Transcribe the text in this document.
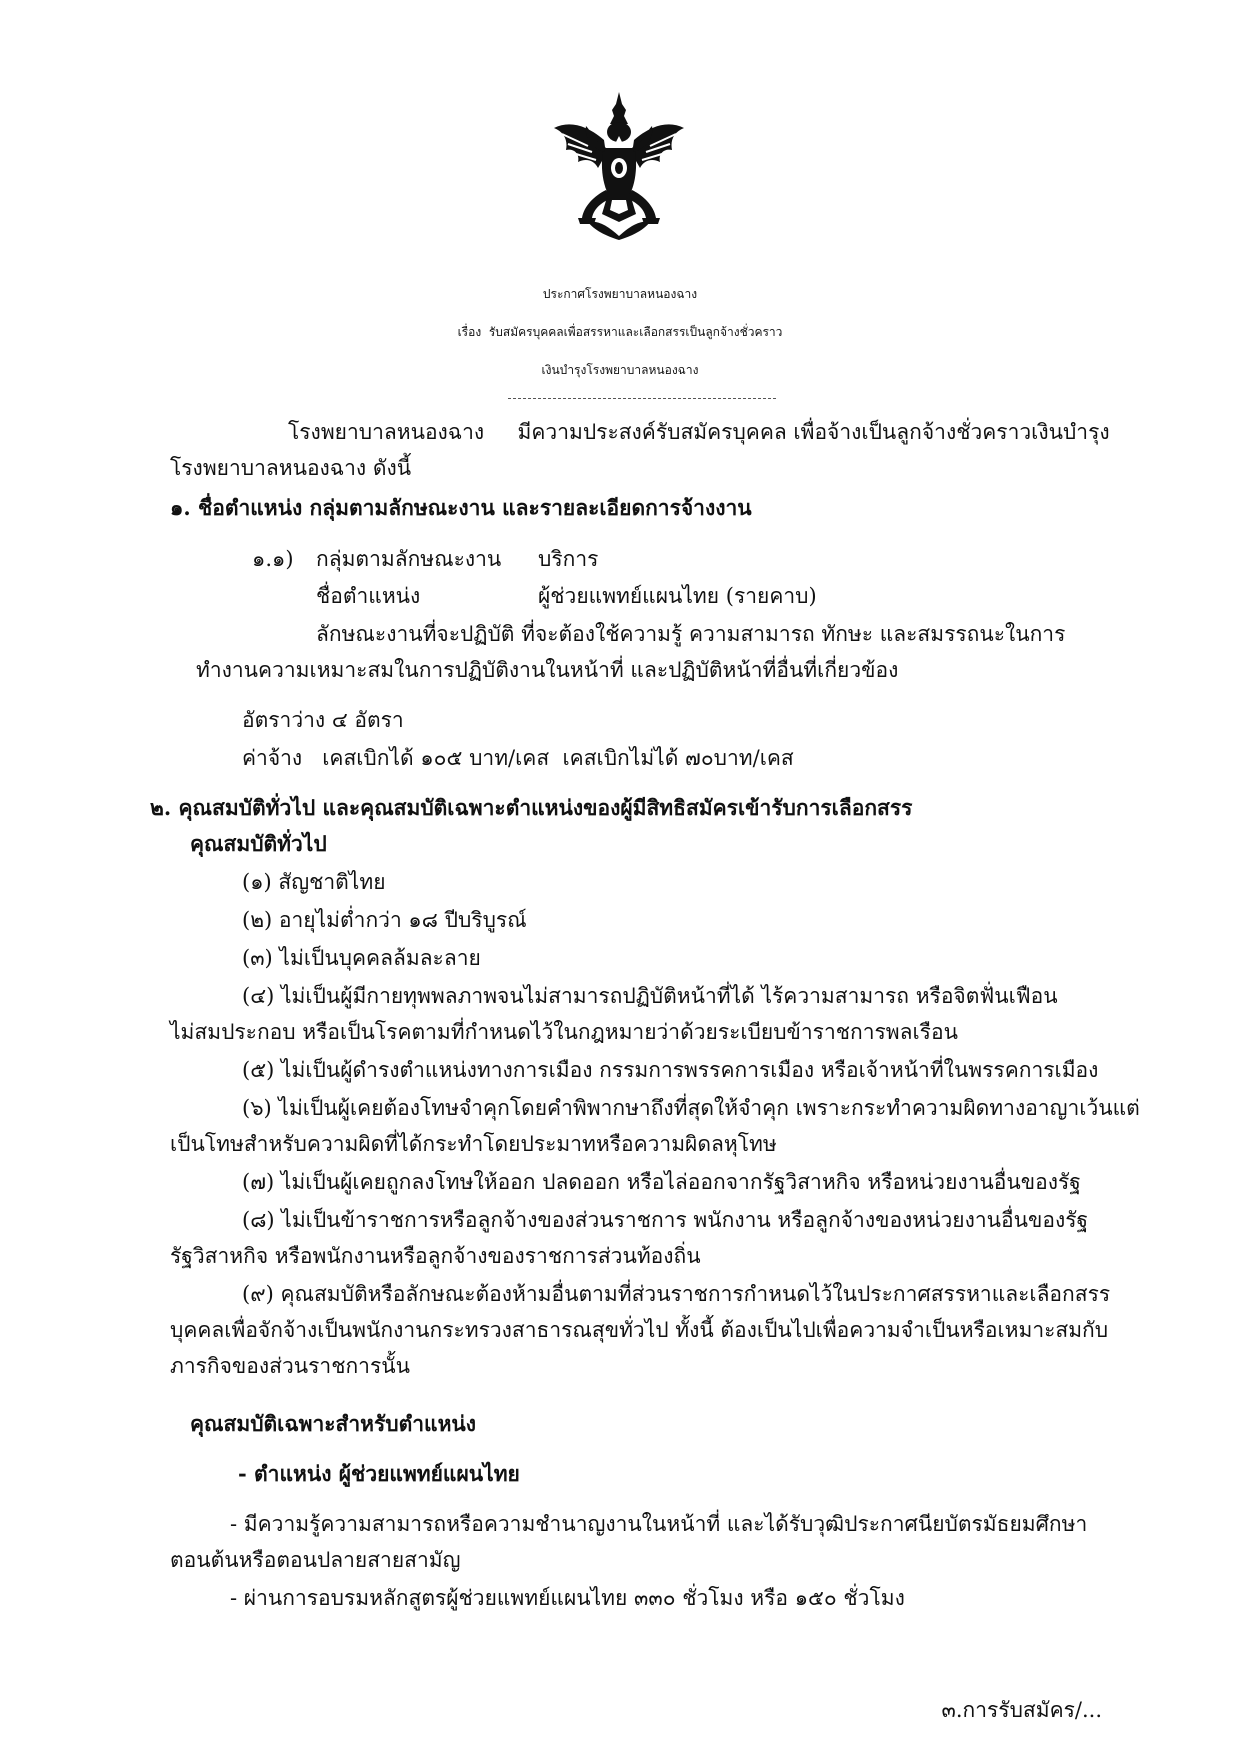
ประกาศโรงพยาบาลหนองฉาง
เรื่อง รับสมัครบุคคลเพื่อสรรหาและเลือกสรรเป็นลูกจ้างชั่วคราว
เงินบำรุงโรงพยาบาลหนองฉาง
โรงพยาบาลหนองฉาง     มีความประสงค์รับสมัครบุคคล เพื่อจ้างเป็นลูกจ้างชั่วคราวเงินบำรุง
โรงพยาบาลหนองฉาง ดังนี้
๑. ชื่อตำแหน่ง กลุ่มตามลักษณะงาน และรายละเอียดการจ้างงาน
๑.๑) กลุ่มตามลักษณะงาน บริการ
ชื่อตำแหน่ง	ผู้ช่วยแพทย์แผนไทย (รายคาบ)
ลักษณะงานที่จะปฏิบัติ ที่จะต้องใช้ความรู้ ความสามารถ ทักษะ และสมรรถนะในการ
ทำงานความเหมาะสมในการปฏิบัติงานในหน้าที่ และปฏิบัติหน้าที่อื่นที่เกี่ยวข้อง
อัตราว่าง ๔ อัตรา
ค่าจ้าง   เคสเบิกได้ ๑๐๕ บาท/เคส  เคสเบิกไม่ได้ ๗๐บาท/เคส
๒. คุณสมบัติทั่วไป และคุณสมบัติเฉพาะตำแหน่งของผู้มีสิทธิสมัครเข้ารับการเลือกสรร
คุณสมบัติทั่วไป
(๑) สัญชาติไทย
(๒) อายุไม่ต่ำกว่า ๑๘ ปีบริบูรณ์
(๓) ไม่เป็นบุคคลล้มละลาย
(๔) ไม่เป็นผู้มีกายทุพพลภาพจนไม่สามารถปฏิบัติหน้าที่ได้ ไร้ความสามารถ หรือจิตฟั่นเฟือน
ไม่สมประกอบ หรือเป็นโรคตามที่กำหนดไว้ในกฎหมายว่าด้วยระเบียบข้าราชการพลเรือน
(๕) ไม่เป็นผู้ดำรงตำแหน่งทางการเมือง กรรมการพรรคการเมือง หรือเจ้าหน้าที่ในพรรคการเมือง
(๖) ไม่เป็นผู้เคยต้องโทษจำคุกโดยคำพิพากษาถึงที่สุดให้จำคุก เพราะกระทำความผิดทางอาญาเว้นแต่
เป็นโทษสำหรับความผิดที่ได้กระทำโดยประมาทหรือความผิดลหุโทษ
(๗) ไม่เป็นผู้เคยถูกลงโทษให้ออก ปลดออก หรือไล่ออกจากรัฐวิสาหกิจ หรือหน่วยงานอื่นของรัฐ
(๘) ไม่เป็นข้าราชการหรือลูกจ้างของส่วนราชการ พนักงาน หรือลูกจ้างของหน่วยงานอื่นของรัฐ
รัฐวิสาหกิจ หรือพนักงานหรือลูกจ้างของราชการส่วนท้องถิ่น
(๙) คุณสมบัติหรือลักษณะต้องห้ามอื่นตามที่ส่วนราชการกำหนดไว้ในประกาศสรรหาและเลือกสรร
บุคคลเพื่อจักจ้างเป็นพนักงานกระทรวงสาธารณสุขทั่วไป ทั้งนี้ ต้องเป็นไปเพื่อความจำเป็นหรือเหมาะสมกับ
ภารกิจของส่วนราชการนั้น
คุณสมบัติเฉพาะสำหรับตำแหน่ง
- ตำแหน่ง ผู้ช่วยแพทย์แผนไทย
- มีความรู้ความสามารถหรือความชำนาญงานในหน้าที่ และได้รับวุฒิประกาศนียบัตรมัธยมศึกษา
ตอนต้นหรือตอนปลายสายสามัญ
- ผ่านการอบรมหลักสูตรผู้ช่วยแพทย์แผนไทย ๓๓๐ ชั่วโมง หรือ ๑๕๐ ชั่วโมง
๓.การรับสมัคร/...
